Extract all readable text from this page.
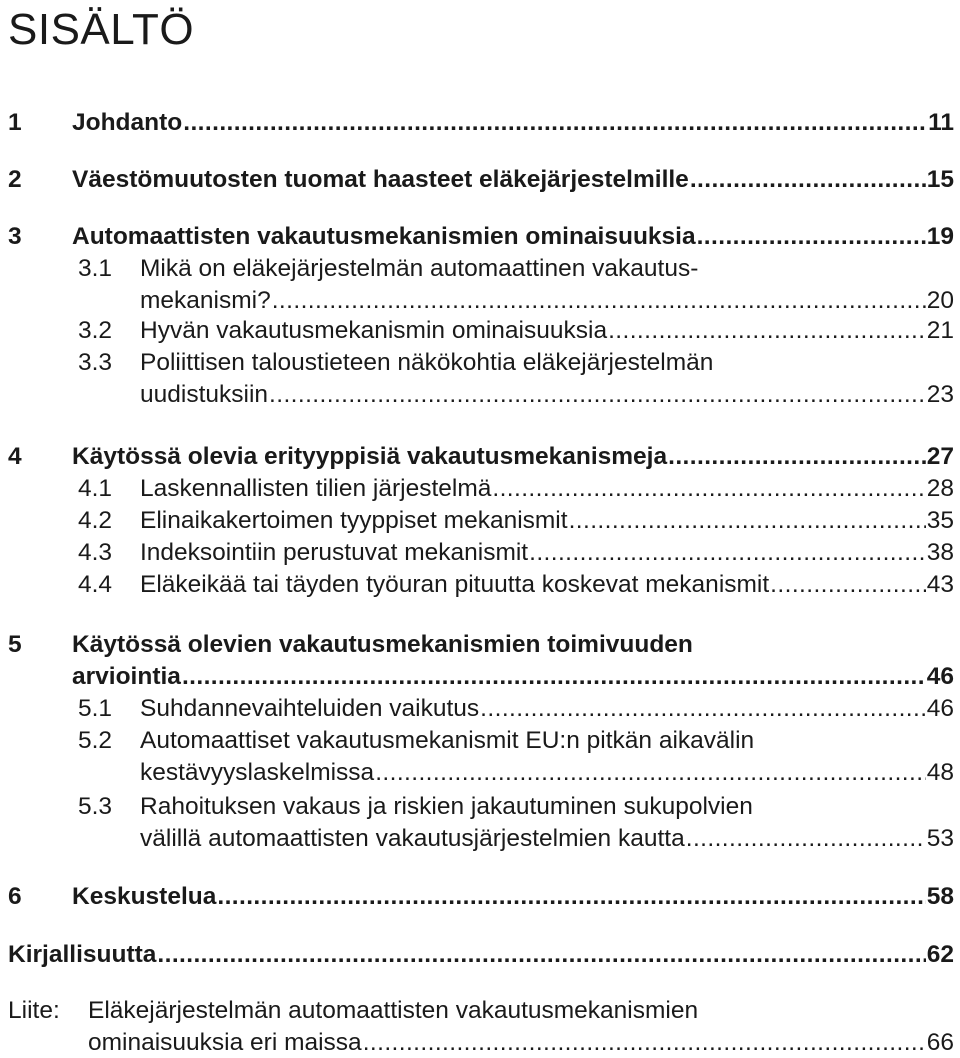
SISÄLTÖ
1 Johdanto . . .	11
2 Väestömuutosten tuomat haasteet eläkejärjestelmille . . .	15
3 Automaattisten vakautusmekanismien ominaisuuksia . . .	19
3.1 Mikä on eläkejärjestelmän automaattinen vakautus-
mekanismi? . . .	20
3.2 Hyvän vakautusmekanismin ominaisuuksia . . .	21
3.3 Poliittisen taloustieteen näkökohtia eläkejärjestelmän
uudistuksiin . . .	23
4 Käytössä olevia erityyppisiä vakautusmekanismeja . . .	27
4.1 Laskennallisten tilien järjestelmä . . .	28
4.2 Elinaikakertoimen tyyppiset mekanismit . . .	35
4.3 Indeksointiin perustuvat mekanismit . . .	38
4.4 Eläkeikää tai täyden työuran pituutta koskevat mekanismit . . .	43
5 Käytössä olevien vakautusmekanismien toimivuuden
arviointia . . .	46
5.1 Suhdannevaihteluiden vaikutus . . .	46
5.2 Automaattiset vakautusmekanismit EU:n pitkän aikavälin
kestävyyslaskelmissa . . .	48
5.3 Rahoituksen vakaus ja riskien jakautuminen sukupolvien
välillä automaattisten vakautusjärjestelmien kautta . . .	53
6 Keskustelua . . .	58
Kirjallisuutta . . .	62
Liite: Eläkejärjestelmän automaattisten vakautusmekanismien
ominaisuuksia eri maissa . . .	66
